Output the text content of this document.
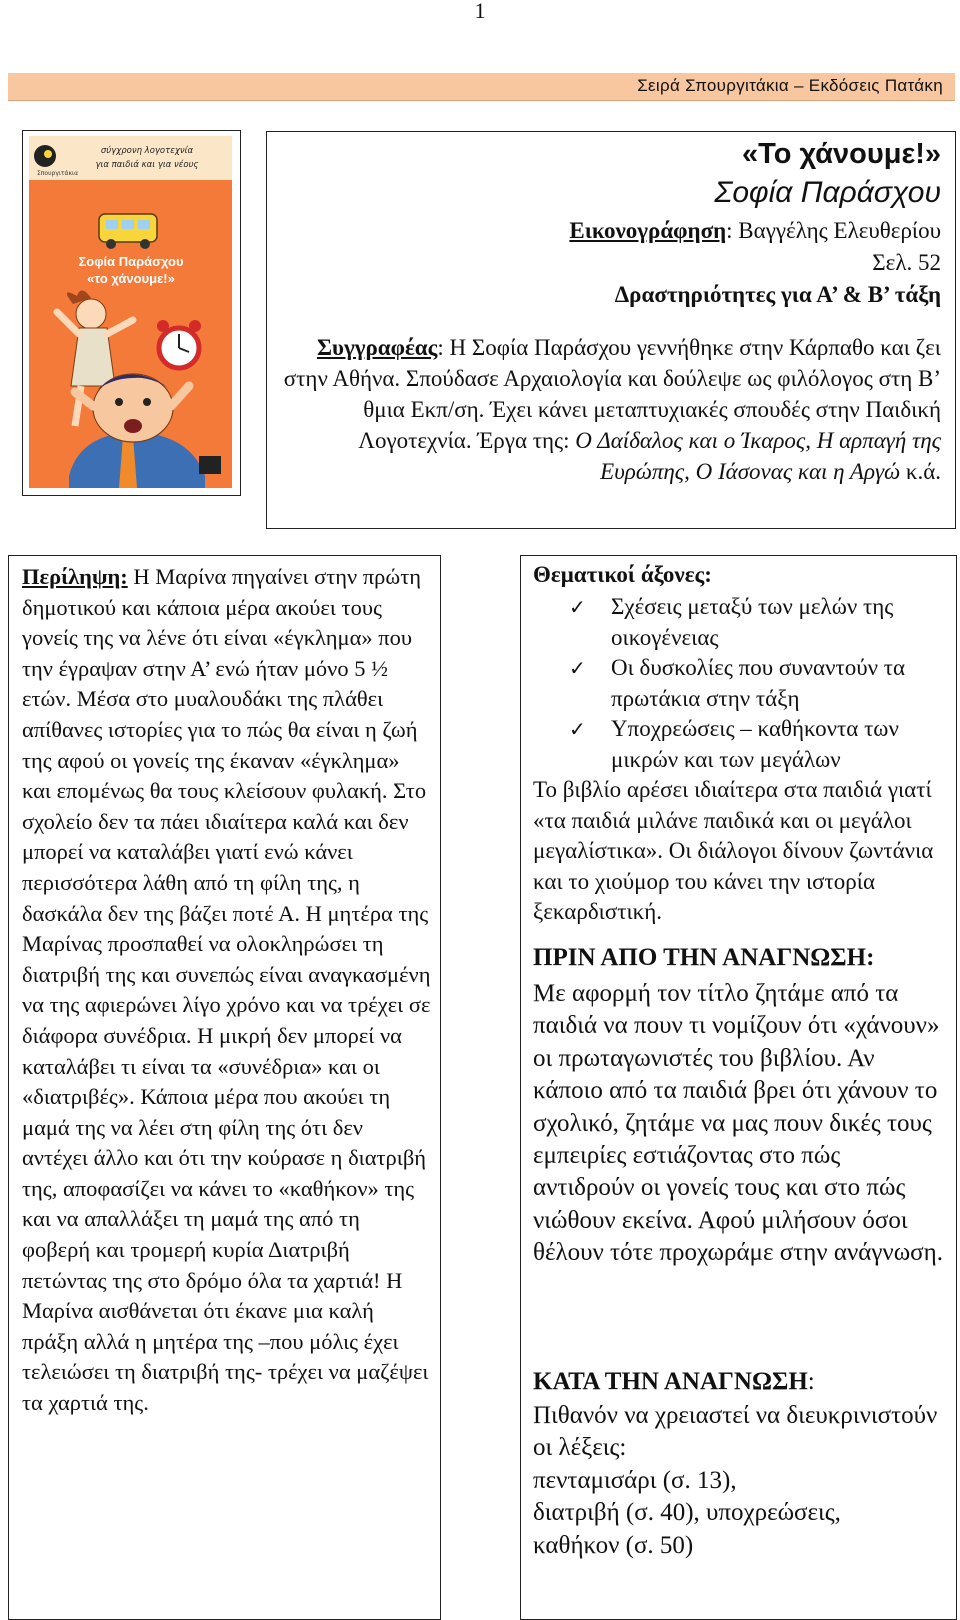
1
Σειρά Σπουργιτάκια – Εκδόσεις Πατάκη
Σπουργιτάκια
σύγχρονη λογοτεχνία
για παιδιά και για νέους
Σοφία Παράσχου
«το χάνουμε!»
«Το χάνουμε!»
Σοφία Παράσχου
Εικονογράφηση: Βαγγέλης Ελευθερίου
Σελ. 52
Δραστηριότητες για Α’ & Β’ τάξη
Συγγραφέας: Η Σοφία Παράσχου γεννήθηκε στην Κάρπαθο και ζει στην Αθήνα. Σπούδασε Αρχαιολογία και δούλεψε ως φιλόλογος στη Β’ θμια Εκπ/ση. Έχει κάνει μεταπτυχιακές σπουδές στην Παιδική Λογοτεχνία. Έργα της: Ο Δαίδαλος και ο Ίκαρος, Η αρπαγή της Ευρώπης, Ο Ιάσονας και η Αργώ κ.ά.
Περίληψη: Η Μαρίνα πηγαίνει στην πρώτη δημοτικού και κάποια μέρα ακούει τους γονείς της να λένε ότι είναι «έγκλημα» που την έγραψαν στην Α’ ενώ ήταν μόνο 5 ½ ετών. Μέσα στο μυαλουδάκι της πλάθει απίθανες ιστορίες για το πώς θα είναι η ζωή της αφού οι γονείς της έκαναν «έγκλημα» και επομένως θα τους κλείσουν φυλακή. Στο σχολείο δεν τα πάει ιδιαίτερα καλά και δεν μπορεί να καταλάβει γιατί ενώ κάνει περισσότερα λάθη από τη φίλη της, η δασκάλα δεν της βάζει ποτέ Α. Η μητέρα της Μαρίνας προσπαθεί να ολοκληρώσει τη διατριβή της και συνεπώς είναι αναγκασμένη να της αφιερώνει λίγο χρόνο και να τρέχει σε διάφορα συνέδρια. Η μικρή δεν μπορεί να καταλάβει τι είναι τα «συνέδρια» και οι «διατριβές». Κάποια μέρα που ακούει τη μαμά της να λέει στη φίλη της ότι δεν αντέχει άλλο και ότι την κούρασε η διατριβή της, αποφασίζει να κάνει το «καθήκον» της και να απαλλάξει τη μαμά της από τη φοβερή και τρομερή κυρία Διατριβή πετώντας της στο δρόμο όλα τα χαρτιά! Η Μαρίνα αισθάνεται ότι έκανε μια καλή πράξη αλλά η μητέρα της –που μόλις έχει τελειώσει τη διατριβή της- τρέχει να μαζέψει τα χαρτιά της.
Θεματικοί άξονες:
✓ Σχέσεις μεταξύ των μελών της οικογένειας
✓ Οι δυσκολίες που συναντούν τα πρωτάκια στην τάξη
✓ Υποχρεώσεις – καθήκοντα των μικρών και των μεγάλων
Το βιβλίο αρέσει ιδιαίτερα στα παιδιά γιατί «τα παιδιά μιλάνε παιδικά και οι μεγάλοι μεγαλίστικα». Οι διάλογοι δίνουν ζωντάνια και το χιούμορ του κάνει την ιστορία ξεκαρδιστική.
ΠΡΙΝ ΑΠΟ ΤΗΝ ΑΝΑΓΝΩΣΗ:
Με αφορμή τον τίτλο ζητάμε από τα παιδιά να πουν τι νομίζουν ότι «χάνουν» οι πρωταγωνιστές του βιβλίου. Αν κάποιο από τα παιδιά βρει ότι χάνουν το σχολικό, ζητάμε να μας πουν δικές τους εμπειρίες εστιάζοντας στο πώς αντιδρούν οι γονείς τους και στο πώς νιώθουν εκείνα. Αφού μιλήσουν όσοι θέλουν τότε προχωράμε στην ανάγνωση.
ΚΑΤΑ ΤΗΝ ΑΝΑΓΝΩΣΗ:
Πιθανόν να χρειαστεί να διευκρινιστούν οι λέξεις:
πενταμισάρι (σ. 13),
διατριβή (σ. 40), υποχρεώσεις,
καθήκον (σ. 50)
